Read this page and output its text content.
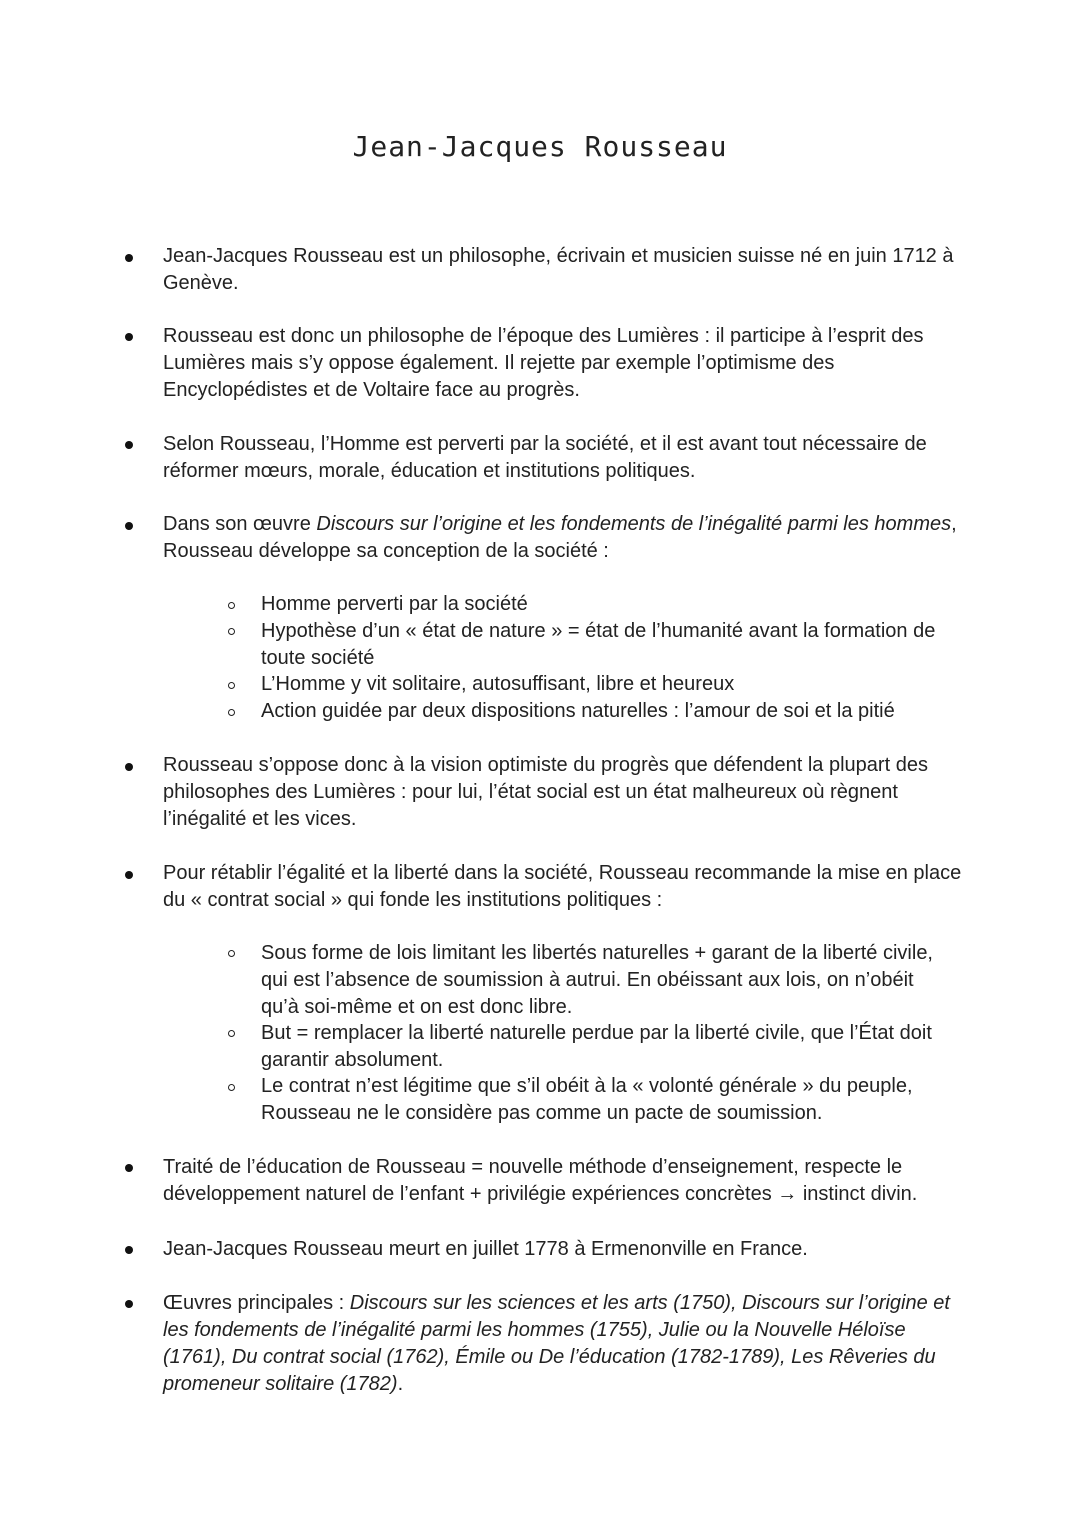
Jean-Jacques Rousseau
Jean-Jacques Rousseau est un philosophe, écrivain et musicien suisse né en juin 1712 à Genève.
Rousseau est donc un philosophe de l’époque des Lumières : il participe à l’esprit des Lumières mais s’y oppose également. Il rejette par exemple l’optimisme des Encyclopédistes et de Voltaire face au progrès.
Selon Rousseau, l’Homme est perverti par la société, et il est avant tout nécessaire de réformer mœurs, morale, éducation et institutions politiques.
Dans son œuvre Discours sur l’origine et les fondements de l’inégalité parmi les hommes, Rousseau développe sa conception de la société :
Homme perverti par la société
Hypothèse d’un « état de nature » = état de l’humanité avant la formation de toute société
L’Homme y vit solitaire, autosuffisant, libre et heureux
Action guidée par deux dispositions naturelles : l’amour de soi et la pitié
Rousseau s’oppose donc à la vision optimiste du progrès que défendent la plupart des philosophes des Lumières : pour lui, l’état social est un état malheureux où règnent l’inégalité et les vices.
Pour rétablir l’égalité et la liberté dans la société, Rousseau recommande la mise en place du « contrat social » qui fonde les institutions politiques :
Sous forme de lois limitant les libertés naturelles + garant de la liberté civile, qui est l’absence de soumission à autrui. En obéissant aux lois, on n’obéit qu’à soi-même et on est donc libre.
But = remplacer la liberté naturelle perdue par la liberté civile, que l’État doit garantir absolument.
Le contrat n’est légitime que s’il obéit à la « volonté générale » du peuple, Rousseau ne le considère pas comme un pacte de soumission.
Traité de l’éducation de Rousseau = nouvelle méthode d’enseignement, respecte le développement naturel de l’enfant + privilégie expériences concrètes → instinct divin.
Jean-Jacques Rousseau meurt en juillet 1778 à Ermenonville en France.
Œuvres principales : Discours sur les sciences et les arts (1750), Discours sur l’origine et les fondements de l’inégalité parmi les hommes (1755), Julie ou la Nouvelle Héloïse (1761), Du contrat social (1762), Émile ou De l’éducation (1782-1789), Les Rêveries du promeneur solitaire (1782).
